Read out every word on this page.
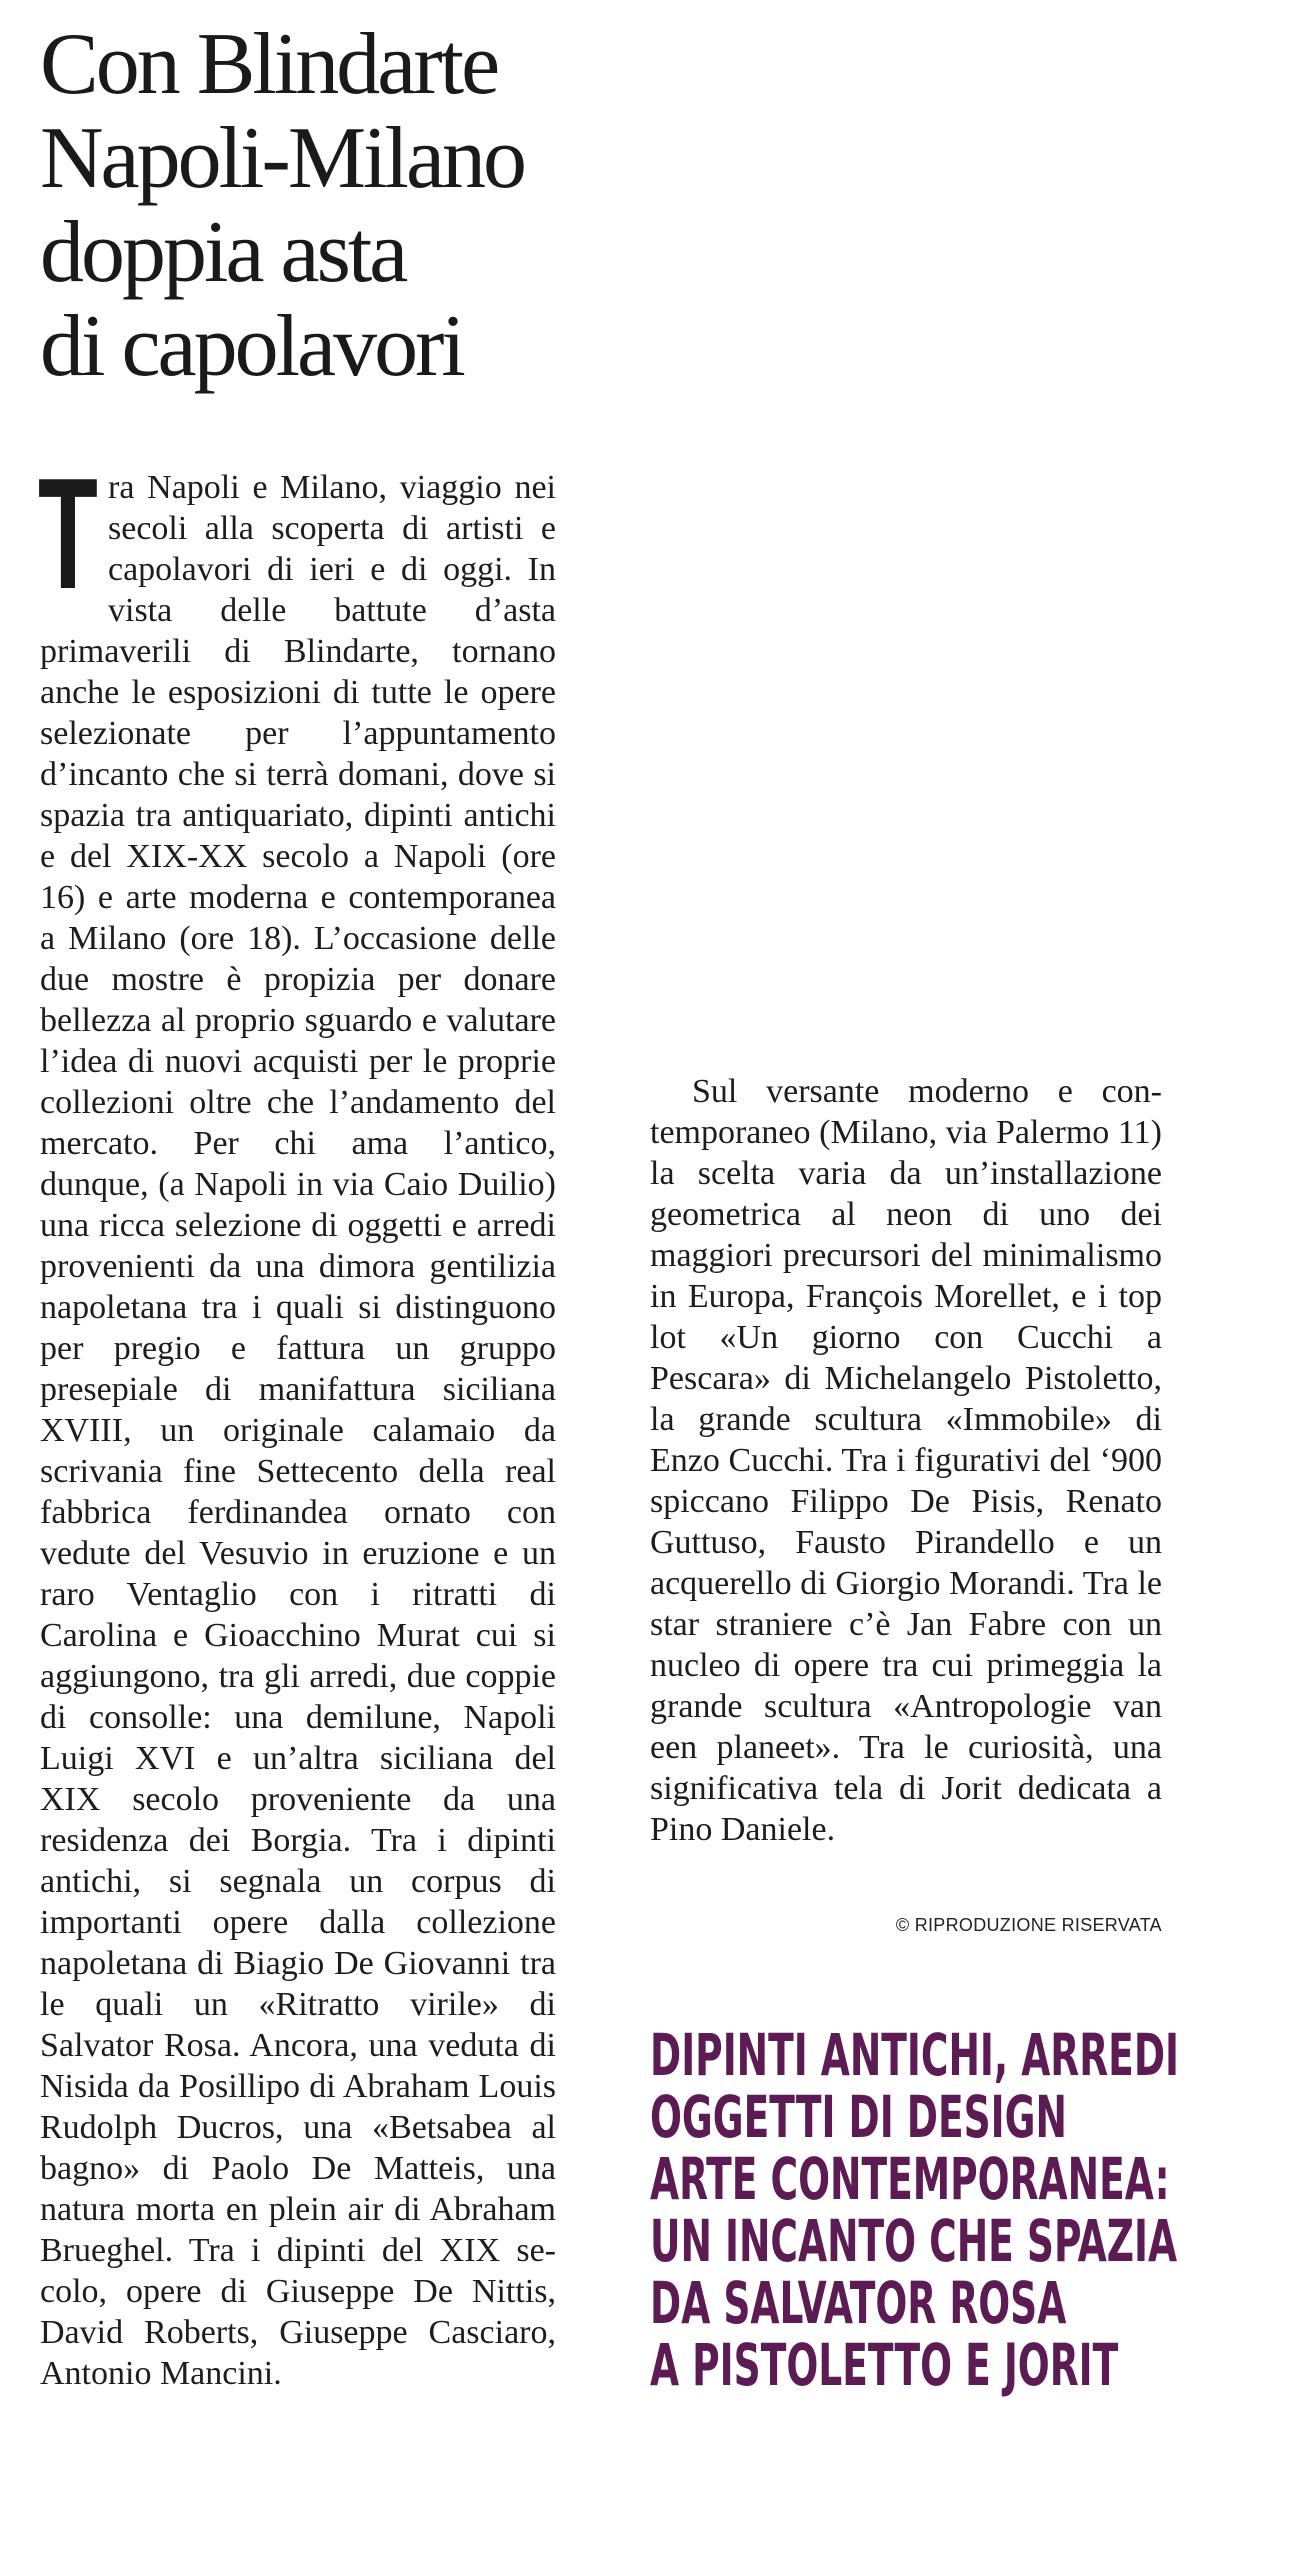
Con Blindarte
Napoli-Milano
doppia asta
di capolavori
T ra Napoli e Milano, viaggio nei secoli alla scoperta di artisti e capolavori di ieri e di oggi. In vista delle battute d’asta primaverili di Blindarte, tornano anche le esposizioni di tutte le opere selezionate per l’appuntamento d’incanto che si terrà domani, dove si spazia tra antiquariato, dipinti antichi e del XIX-XX secolo a Napoli (ore 16) e arte moderna e contemporanea a Milano (ore 18). L’occasione delle due mostre è propizia per donare bellezza al proprio sguardo e valutare l’idea di nuovi acquisti per le proprie collezioni oltre che l’andamento del mercato. Per chi ama l’antico, dunque, (a Napoli in via Caio Duilio) una ricca selezione di oggetti e arredi provenienti da una dimora gentilizia napoletana tra i quali si distinguono per pregio e fattura un gruppo presepiale di manifattura siciliana XVIII, un originale calamaio da scrivania fine Settecento della real fabbrica ferdinandea ornato con vedute del Vesuvio in eruzione e un raro Ventaglio con i ritratti di Carolina e Gioacchino Murat cui si aggiungono, tra gli arredi, due coppie di consolle: una demilune, Napoli Luigi XVI e un’altra siciliana del XIX secolo proveniente da una residenza dei Borgia. Tra i dipinti antichi, si segnala un corpus di importanti opere dalla collezione napoletana di Biagio De Giovanni tra le quali un «Ritratto virile» di Salvator Rosa. Ancora, una veduta di Nisida da Posillipo di Abraham Louis Rudolph Ducros, una «Betsabea al bagno» di Paolo De Matteis, una natura morta en plein air di Abraham Brueghel. Tra i dipinti del XIX secolo, opere di Giuseppe De Nittis, David Roberts, Giuseppe Casciaro, Antonio Mancini.

Sul versante moderno e contemporaneo (Milano, via Palermo 11) la scelta varia da un’installazione geometrica al neon di uno dei maggiori precursori del minimalismo in Europa, François Morellet, e i top lot «Un giorno con Cucchi a Pescara» di Michelangelo Pistoletto, la grande scultura «Immobile» di Enzo Cucchi. Tra i figurativi del ‘900 spiccano Filippo De Pisis, Renato Guttuso, Fausto Pirandello e un acquerello di Giorgio Morandi. Tra le star straniere c’è Jan Fabre con un nucleo di opere tra cui primeggia la grande scultura «Antropologie van een planeet». Tra le curiosità, una significativa tela di Jorit dedicata a Pino Daniele.

© RIPRODUZIONE RISERVATA
DIPINTI ANTICHI, ARREDI
OGGETTI DI DESIGN
ARTE CONTEMPORANEA:
UN INCANTO CHE SPAZIA
DA SALVATOR ROSA
A PISTOLETTO E JORIT
